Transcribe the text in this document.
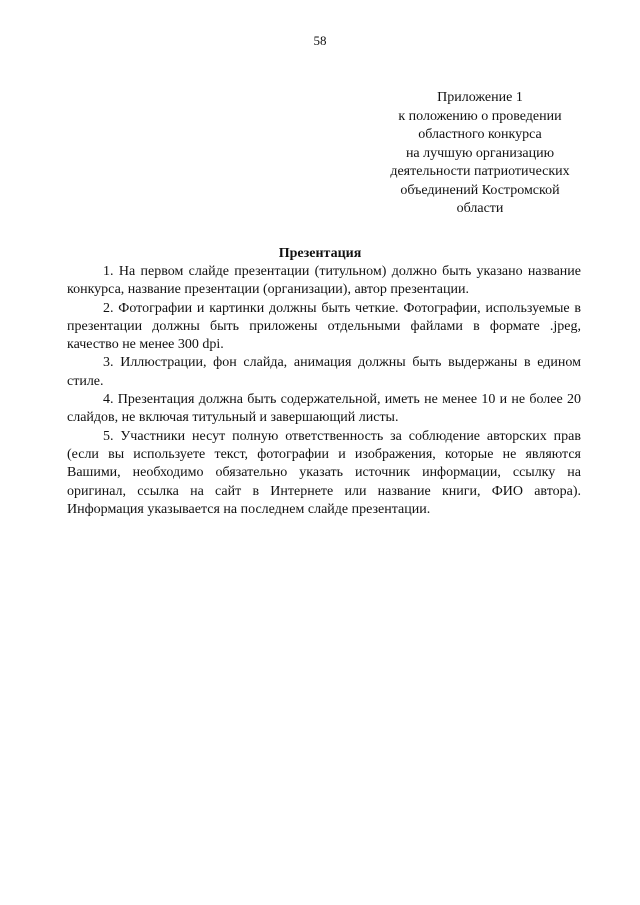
58
Приложение 1
к положению о проведении
областного конкурса
на лучшую организацию
деятельности патриотических
объединений Костромской
области
Презентация

1. На первом слайде презентации (титульном) должно быть указано название конкурса, название презентации (организации), автор презентации.

2. Фотографии и картинки должны быть четкие. Фотографии, используемые в презентации должны быть приложены отдельными файлами в формате .jpeg, качество не менее 300 dpi.

3. Иллюстрации, фон слайда, анимация должны быть выдержаны в едином стиле.

4. Презентация должна быть содержательной, иметь не менее 10 и не более 20 слайдов, не включая титульный и завершающий листы.

5. Участники несут полную ответственность за соблюдение авторских прав (если вы используете текст, фотографии и изображения, которые не являются Вашими, необходимо обязательно указать источник информации, ссылку на оригинал, ссылка на сайт в Интернете или название книги, ФИО автора). Информация указывается на последнем слайде презентации.
